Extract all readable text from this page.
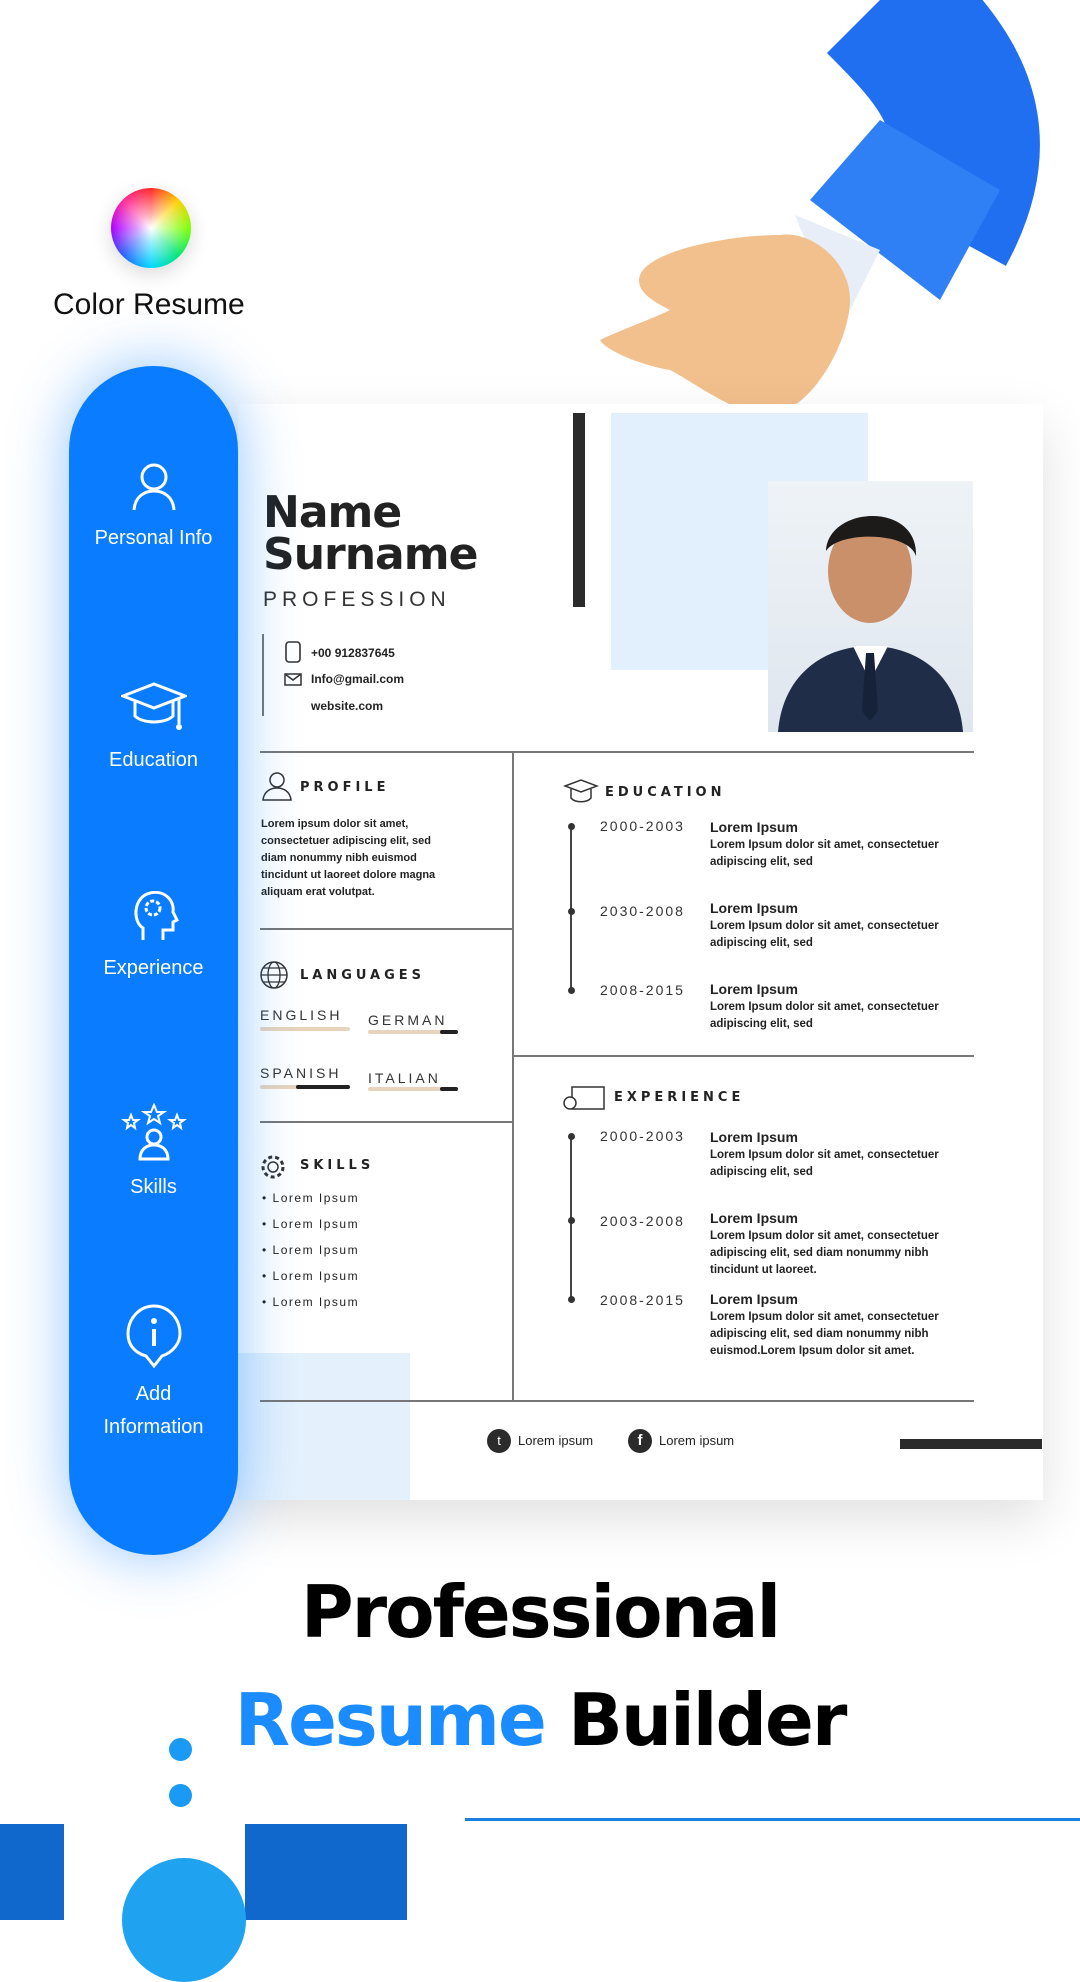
Color Resume
Name
Surname
PROFESSION
+00 912837645
Info@gmail.com
website.com
PROFILE
Lorem ipsum dolor sit amet, consectetuer adipiscing elit, sed diam nonummy nibh euismod tincidunt ut laoreet dolore magna aliquam erat volutpat.
LANGUAGES
ENGLISH GERMAN
SPANISH ITALIAN
SKILLS
• Lorem Ipsum
• Lorem Ipsum
• Lorem Ipsum
• Lorem Ipsum
• Lorem Ipsum
EDUCATION
2000-2003 Lorem Ipsum
Lorem Ipsum dolor sit amet, consectetuer adipiscing elit, sed
2030-2008 Lorem Ipsum
Lorem Ipsum dolor sit amet, consectetuer adipiscing elit, sed
2008-2015 Lorem Ipsum
Lorem Ipsum dolor sit amet, consectetuer adipiscing elit, sed
EXPERIENCE
2000-2003 Lorem Ipsum
Lorem Ipsum dolor sit amet, consectetuer adipiscing elit, sed
2003-2008 Lorem Ipsum
Lorem Ipsum dolor sit amet, consectetuer adipiscing elit, sed diam nonummy nibh tincidunt ut laoreet.
2008-2015 Lorem Ipsum
Lorem Ipsum dolor sit amet, consectetuer adipiscing elit, sed diam nonummy nibh euismod.Lorem Ipsum dolor sit amet.
t	Lorem ipsum	f	Lorem ipsum
Personal Info
Education
Experience
Skills
Add Information
Professional
Resume Builder
